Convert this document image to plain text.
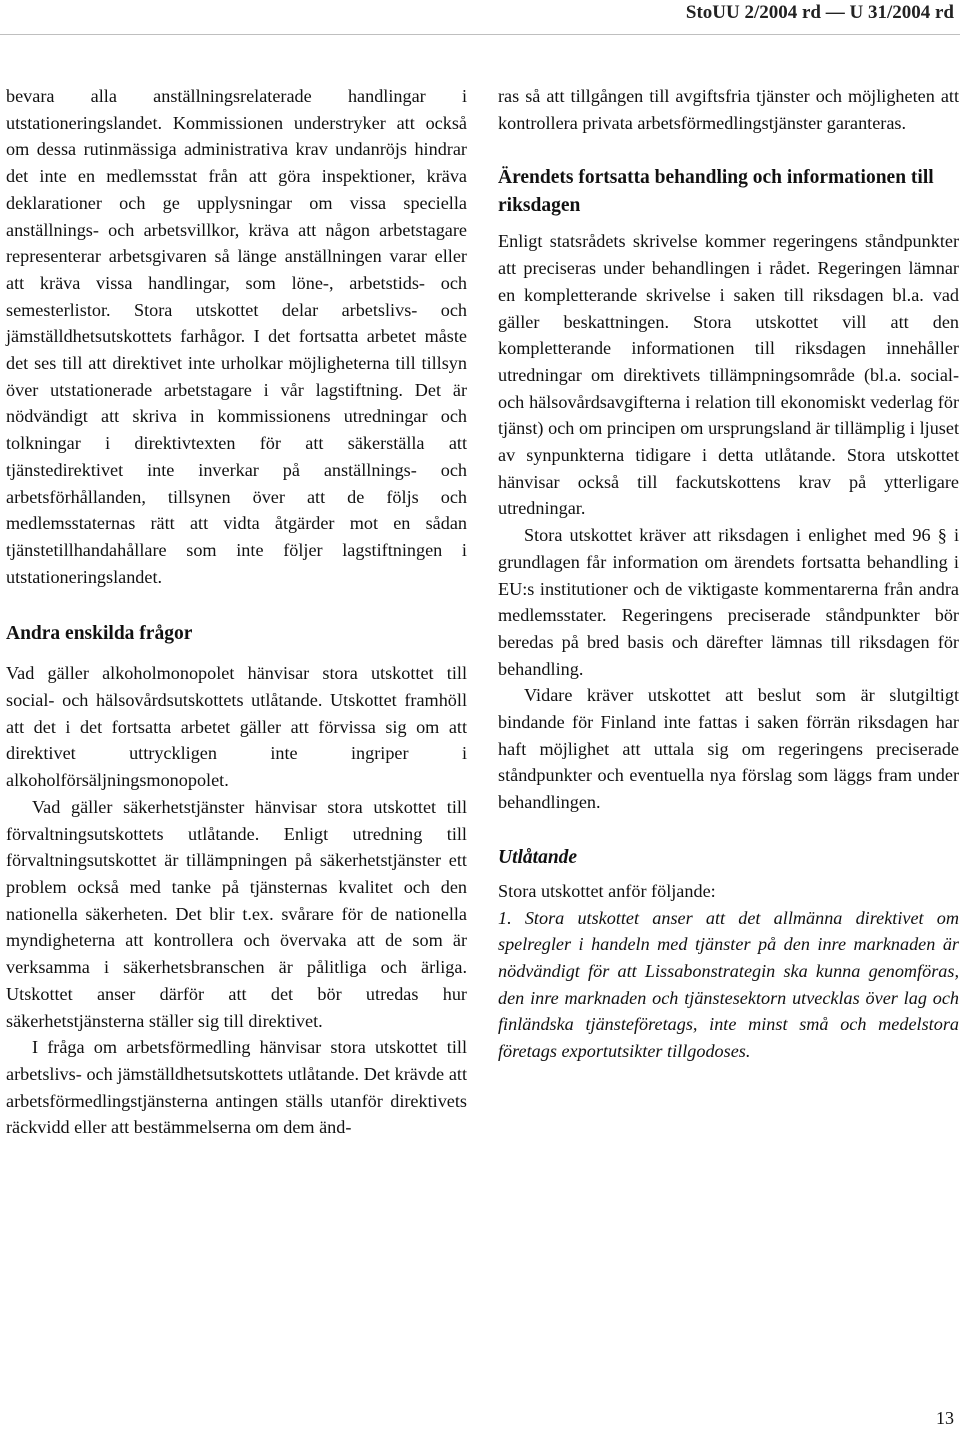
StoUU 2/2004 rd — U 31/2004 rd

bevara alla anställningsrelaterade handlingar i utstationeringslandet. Kommissionen understryker att också om dessa rutinmässiga administrativa krav undanröjs hindrar det inte en medlemsstat från att göra inspektioner, kräva deklarationer och ge upplysningar om vissa speciella anställnings- och arbetsvillkor, kräva att någon arbetstagare representerar arbetsgivaren så länge anställningen varar eller att kräva vissa handlingar, som löne-, arbetstids- och semesterlistor. Stora utskottet delar arbetslivs- och jämställdhetsutskottets farhågor. I det fortsatta arbetet måste det ses till att direktivet inte urholkar möjligheterna till tillsyn över utstationerade arbetstagare i vår lagstiftning. Det är nödvändigt att skriva in kommissionens utredningar och tolkningar i direktivtexten för att säkerställa att tjänstedirektivet inte inverkar på anställnings- och arbetsförhållanden, tillsynen över att de följs och medlemsstaternas rätt att vidta åtgärder mot en sådan tjänstetillhandahållare som inte följer lagstiftningen i utstationeringslandet.

Andra enskilda frågor

Vad gäller alkoholmonopolet hänvisar stora utskottet till social- och hälsovårdsutskottets utlåtande. Utskottet framhöll att det i det fortsatta arbetet gäller att förvissa sig om att direktivet uttryckligen inte ingriper i alkoholförsäljningsmonopolet.

Vad gäller säkerhetstjänster hänvisar stora utskottet till förvaltningsutskottets utlåtande. Enligt utredning till förvaltningsutskottet är tillämpningen på säkerhetstjänster ett problem också med tanke på tjänsternas kvalitet och den nationella säkerheten. Det blir t.ex. svårare för de nationella myndigheterna att kontrollera och övervaka att de som är verksamma i säkerhetsbranschen är pålitliga och ärliga. Utskottet anser därför att det bör utredas hur säkerhetstjänsterna ställer sig till direktivet.

I fråga om arbetsförmedling hänvisar stora utskottet till arbetslivs- och jämställdhetsutskottets utlåtande. Det krävde att arbetsförmedlingstjänsterna antingen ställs utanför direktivets räckvidd eller att bestämmelserna om dem änd-

ras så att tillgången till avgiftsfria tjänster och möjligheten att kontrollera privata arbetsförmedlingstjänster garanteras.

Ärendets fortsatta behandling och informationen till riksdagen

Enligt statsrådets skrivelse kommer regeringens ståndpunkter att preciseras under behandlingen i rådet. Regeringen lämnar en kompletterande skrivelse i saken till riksdagen bl.a. vad gäller beskattningen. Stora utskottet vill att den kompletterande informationen till riksdagen innehåller utredningar om direktivets tillämpningsområde (bl.a. social- och hälsovårdsavgifterna i relation till ekonomiskt vederlag för tjänst) och om principen om ursprungsland är tillämplig i ljuset av synpunkterna tidigare i detta utlåtande. Stora utskottet hänvisar också till fackutskottens krav på ytterligare utredningar.

Stora utskottet kräver att riksdagen i enlighet med 96 § i grundlagen får information om ärendets fortsatta behandling i EU:s institutioner och de viktigaste kommentarerna från andra medlemsstater. Regeringens preciserade ståndpunkter bör beredas på bred basis och därefter lämnas till riksdagen för behandling.

Vidare kräver utskottet att beslut som är slutgiltigt bindande för Finland inte fattas i saken förrän riksdagen har haft möjlighet att uttala sig om regeringens preciserade ståndpunkter och eventuella nya förslag som läggs fram under behandlingen.

Utlåtande

Stora utskottet anför följande:

1. Stora utskottet anser att det allmänna direktivet om spelregler i handeln med tjänster på den inre marknaden är nödvändigt för att Lissabonstrategin ska kunna genomföras, den inre marknaden och tjänstesektorn utvecklas över lag och finländska tjänsteföretags, inte minst små och medelstora företags exportutsikter tillgodoses.

13
